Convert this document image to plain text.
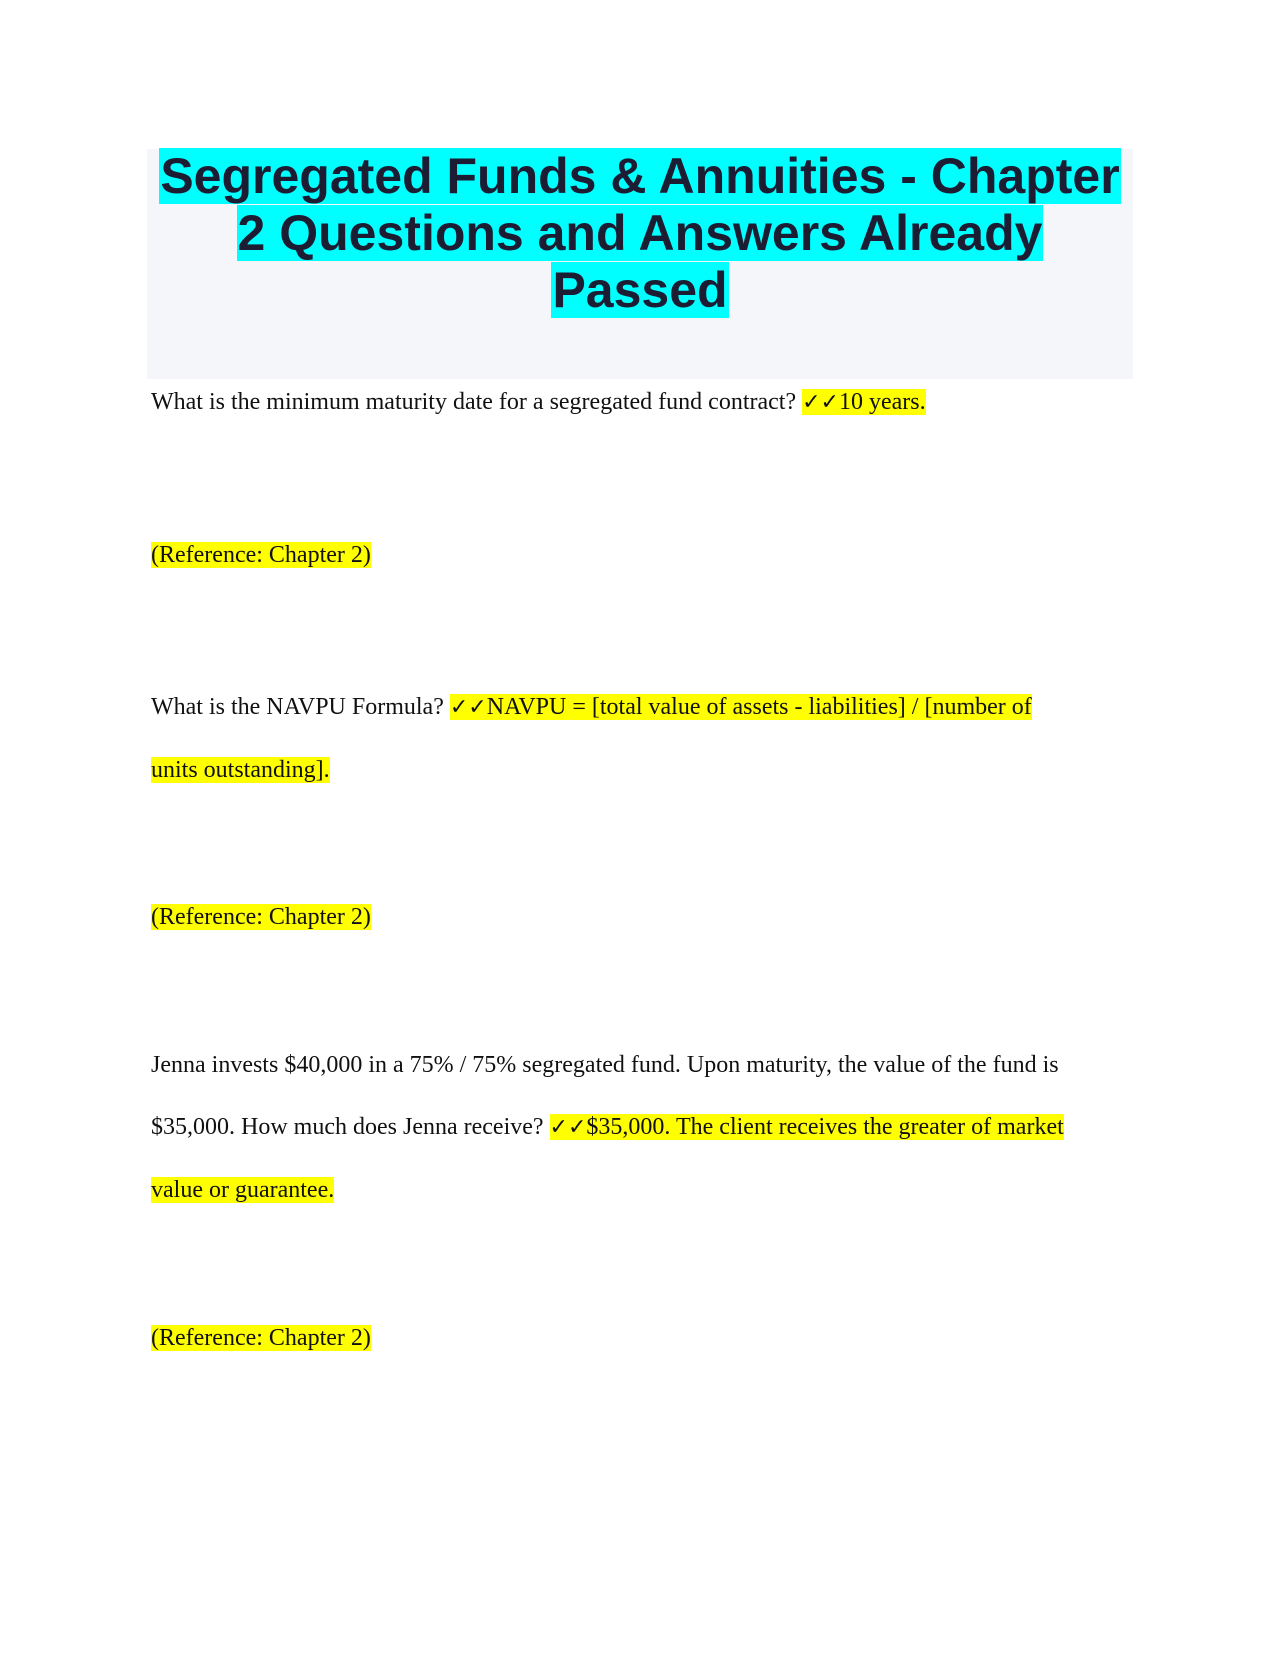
Segregated Funds & Annuities - Chapter
2 Questions and Answers Already
Passed

What is the minimum maturity date for a segregated fund contract? ✓✓10 years.

(Reference: Chapter 2)

What is the NAVPU Formula? ✓✓NAVPU = [total value of assets - liabilities] / [number of
units outstanding].

(Reference: Chapter 2)

Jenna invests $40,000 in a 75% / 75% segregated fund. Upon maturity, the value of the fund is
$35,000. How much does Jenna receive? ✓✓$35,000. The client receives the greater of market
value or guarantee.

(Reference: Chapter 2)
